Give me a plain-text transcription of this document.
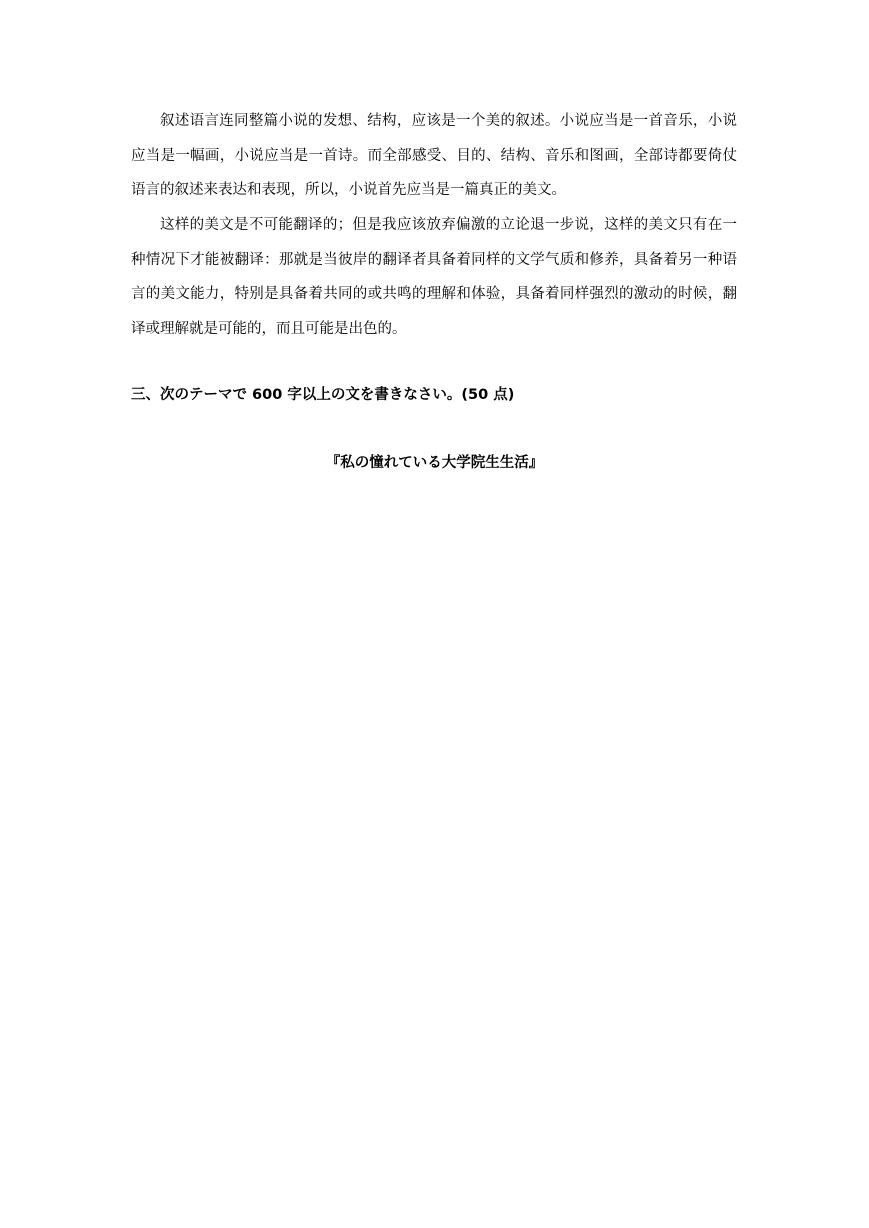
叙述语言连同整篇小说的发想、结构，应该是一个美的叙述。小说应当是一首音乐，小说应当是一幅画，小说应当是一首诗。而全部感受、目的、结构、音乐和图画，全部诗都要倚仗语言的叙述来表达和表现，所以，小说首先应当是一篇真正的美文。

这样的美文是不可能翻译的；但是我应该放弃偏激的立论退一步说，这样的美文只有在一种情况下才能被翻译：那就是当彼岸的翻译者具备着同样的文学气质和修养，具备着另一种语言的美文能力，特别是具备着共同的或共鸣的理解和体验，具备着同样强烈的激动的时候，翻译或理解就是可能的，而且可能是出色的。

三、次のテーマで 600 字以上の文を書きなさい。(50 点)

『私の憧れている大学院生生活』
